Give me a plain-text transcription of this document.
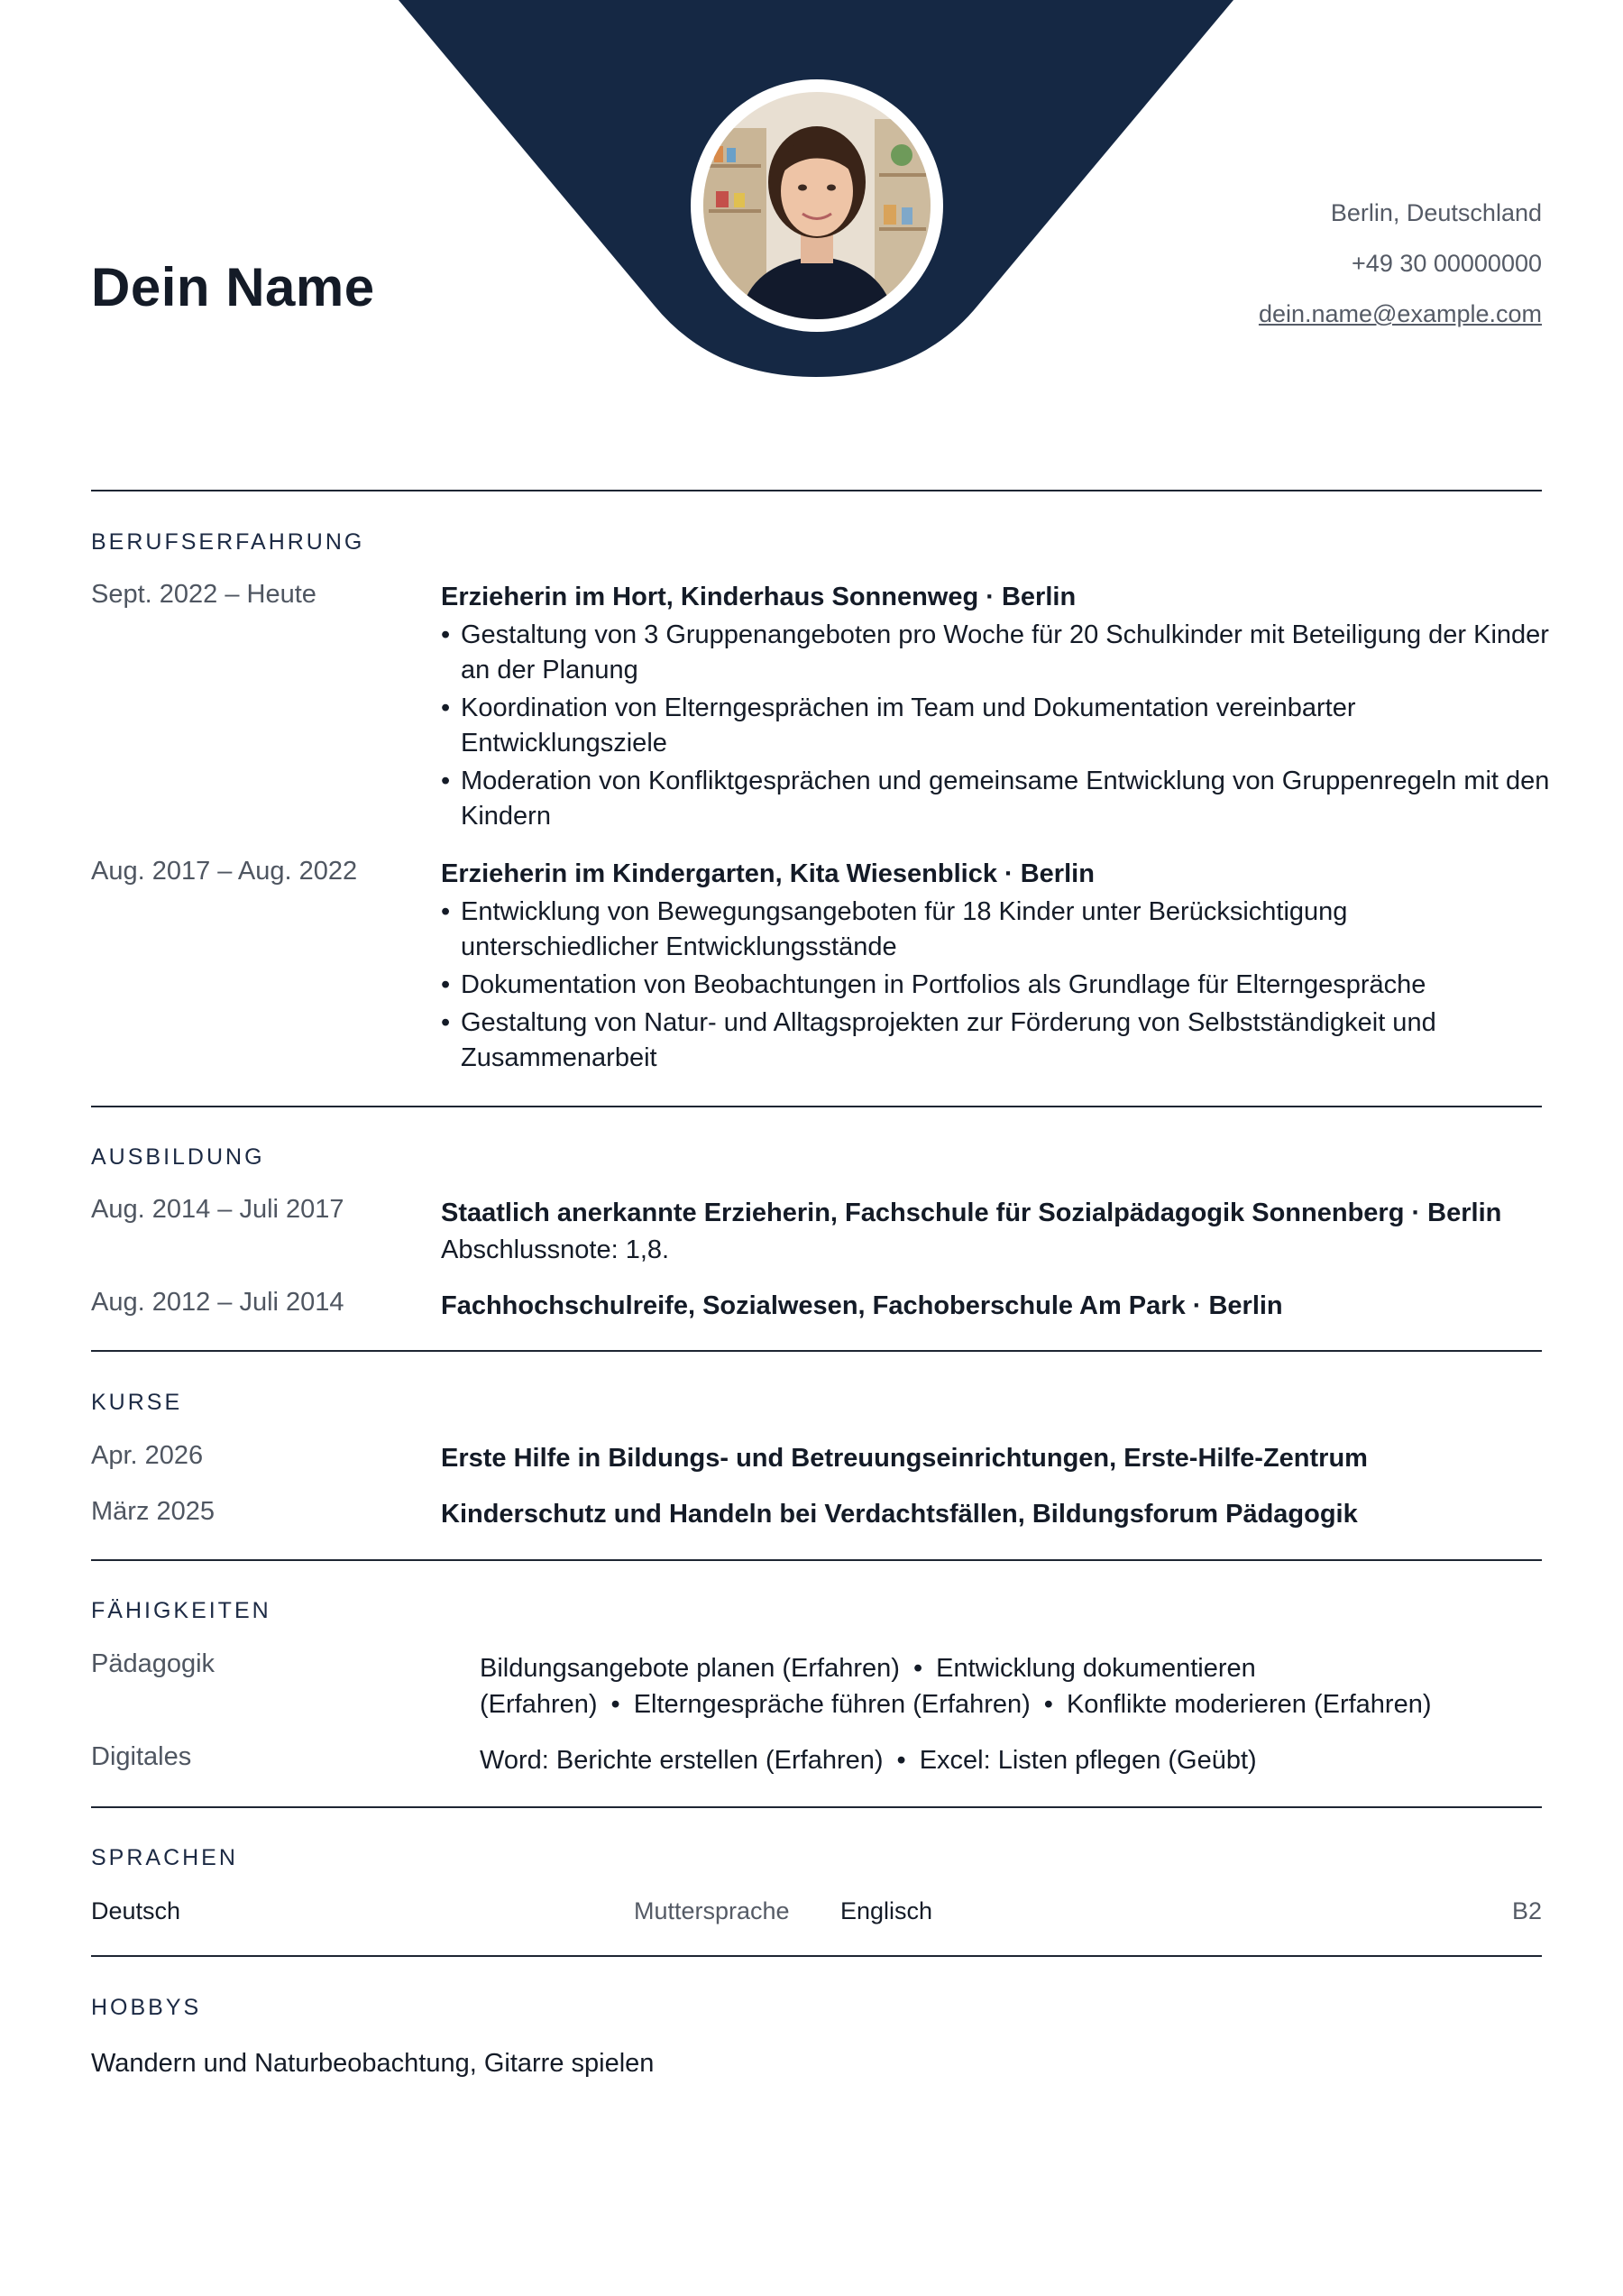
Dein Name
Berlin, Deutschland
+49 30 00000000
dein.name@example.com
BERUFSERFAHRUNG
Sept. 2022 – Heute	Erzieherin im Hort, Kinderhaus Sonnenweg · Berlin
• Gestaltung von 3 Gruppenangeboten pro Woche für 20 Schulkinder mit Beteiligung der Kinder an der Planung
• Koordination von Elterngesprächen im Team und Dokumentation vereinbarter Entwicklungsziele
• Moderation von Konfliktgesprächen und gemeinsame Entwicklung von Gruppenregeln mit den Kindern
Aug. 2017 – Aug. 2022	Erzieherin im Kindergarten, Kita Wiesenblick · Berlin
• Entwicklung von Bewegungsangeboten für 18 Kinder unter Berücksichtigung unterschiedlicher Entwicklungsstände
• Dokumentation von Beobachtungen in Portfolios als Grundlage für Elterngespräche
• Gestaltung von Natur- und Alltagsprojekten zur Förderung von Selbstständigkeit und Zusammenarbeit
AUSBILDUNG
Aug. 2014 – Juli 2017	Staatlich anerkannte Erzieherin, Fachschule für Sozialpädagogik Sonnenberg · Berlin
Abschlussnote: 1,8.
Aug. 2012 – Juli 2014	Fachhochschulreife, Sozialwesen, Fachoberschule Am Park · Berlin
KURSE
Apr. 2026	Erste Hilfe in Bildungs- und Betreuungseinrichtungen, Erste-Hilfe-Zentrum
März 2025	Kinderschutz und Handeln bei Verdachtsfällen, Bildungsforum Pädagogik
FÄHIGKEITEN
Pädagogik	Bildungsangebote planen (Erfahren) • Entwicklung dokumentieren (Erfahren) • Elterngespräche führen (Erfahren) • Konflikte moderieren (Erfahren)
Digitales	Word: Berichte erstellen (Erfahren) • Excel: Listen pflegen (Geübt)
SPRACHEN
Deutsch	Muttersprache Englisch	B2
HOBBYS
Wandern und Naturbeobachtung, Gitarre spielen
